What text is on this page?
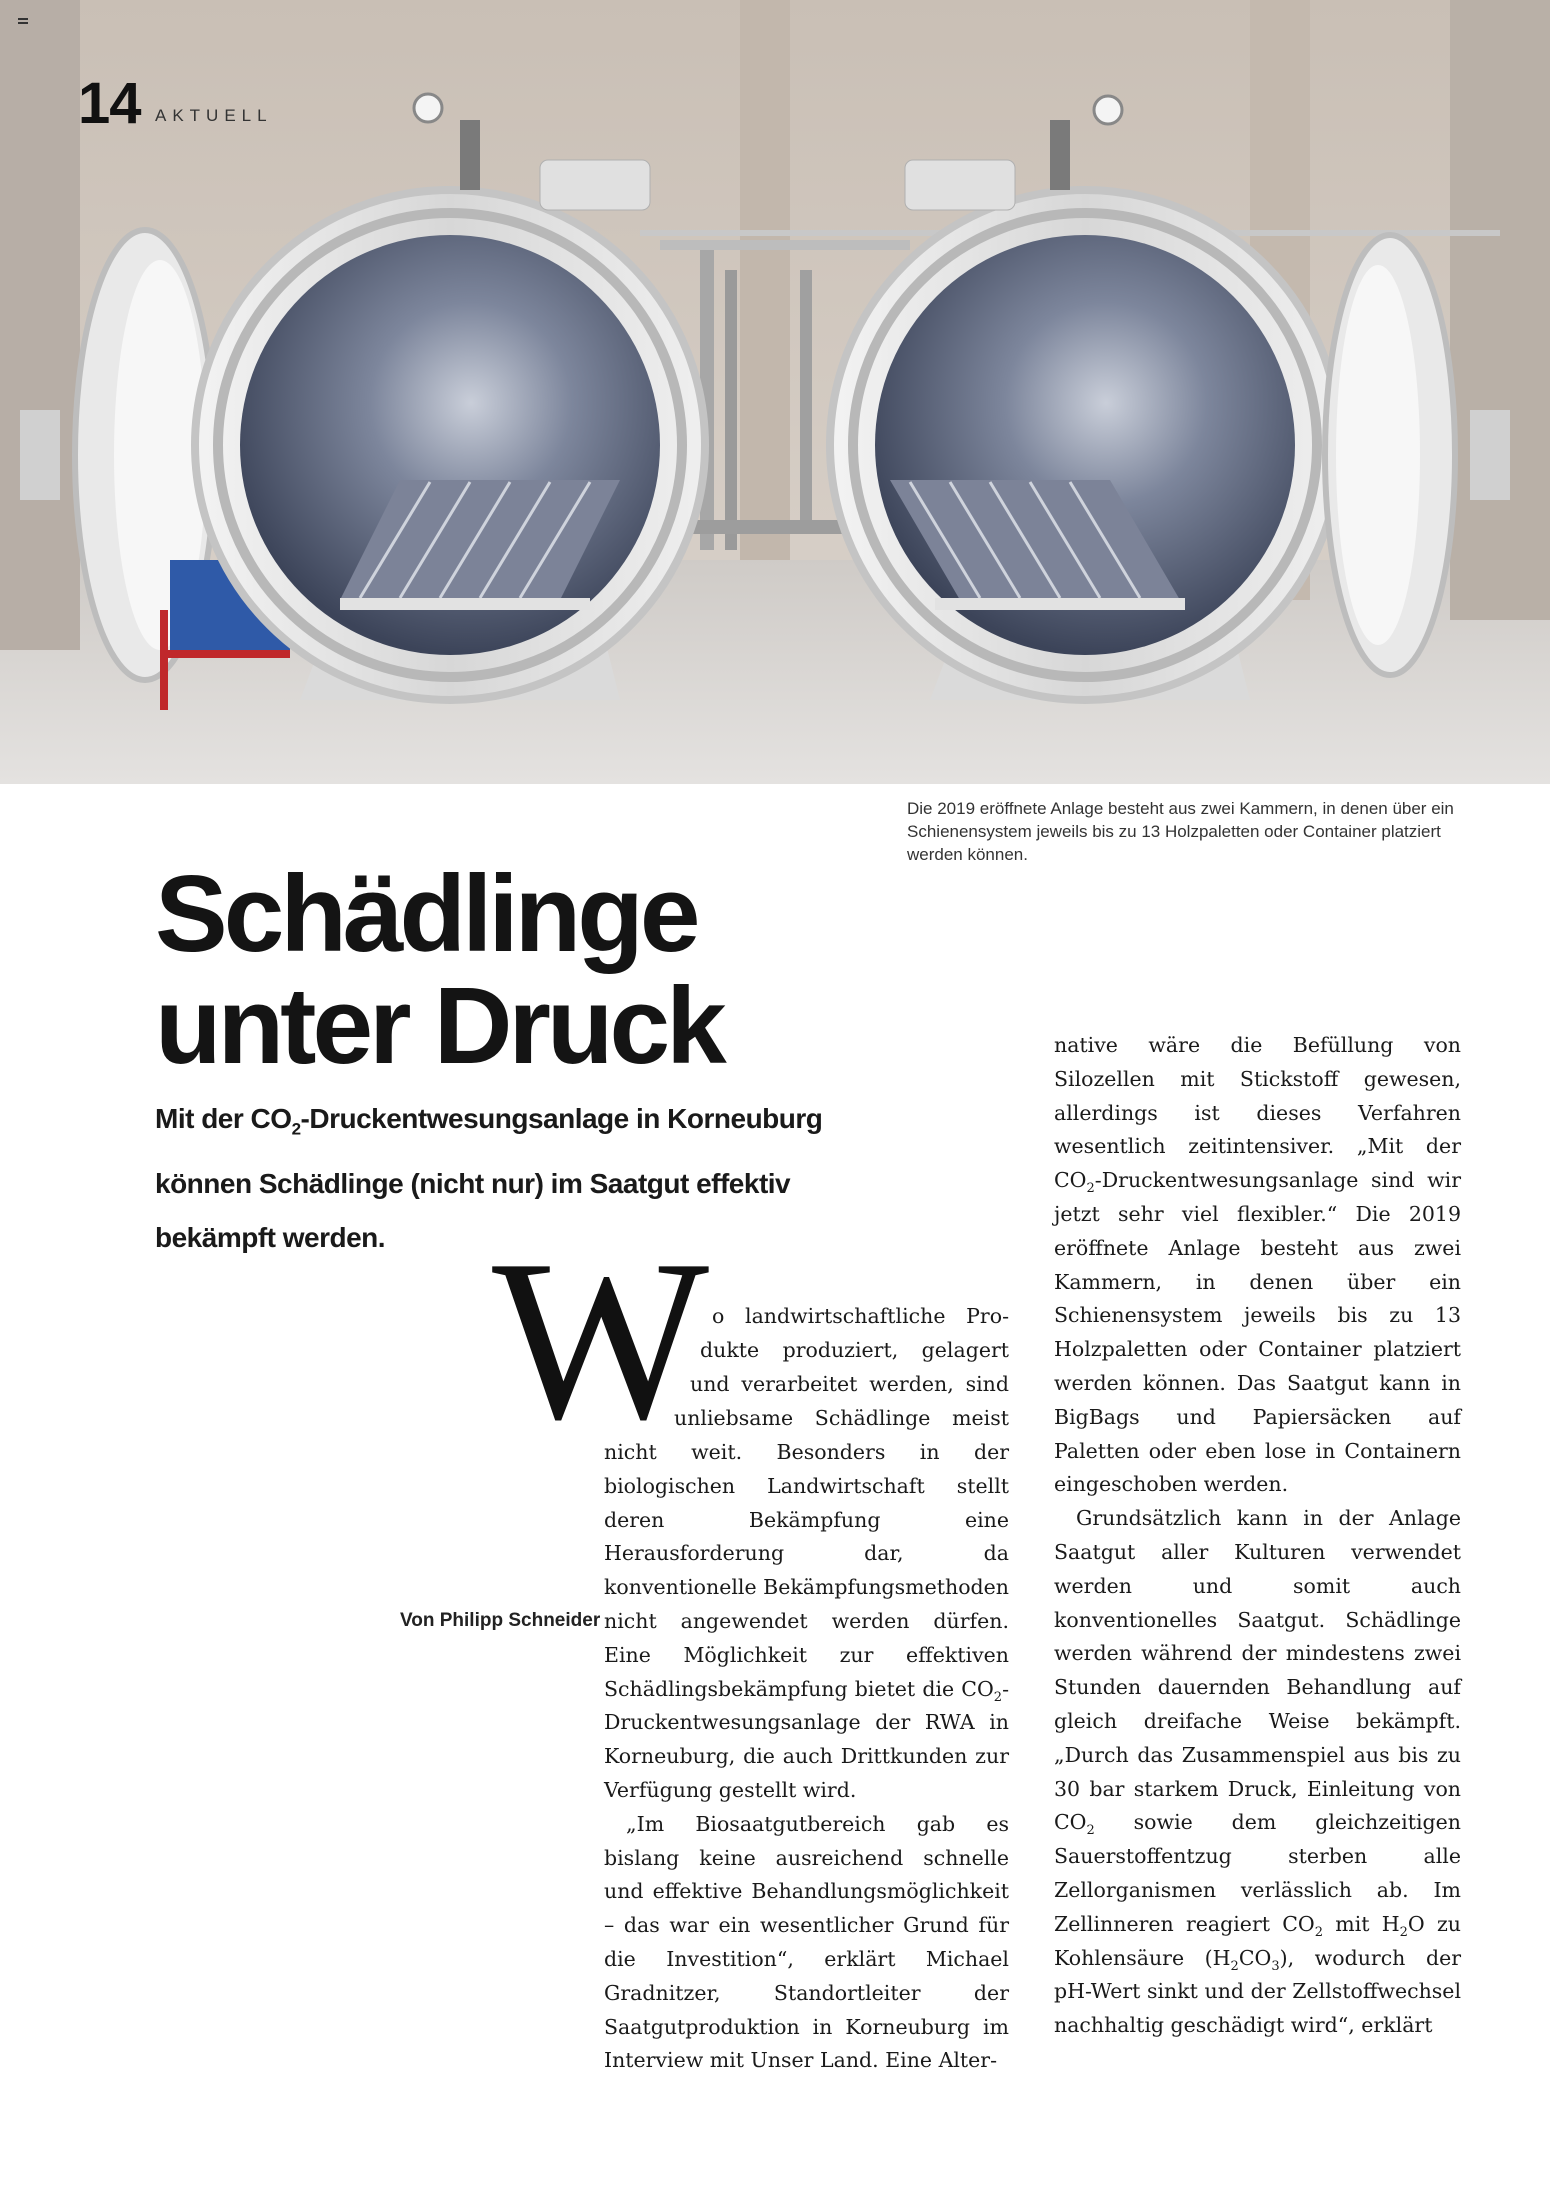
14 AKTUELL
Die 2019 eröffnete Anlage besteht aus zwei Kammern, in denen über ein Schienensystem jeweils bis zu 13 Holzpaletten oder Container platziert werden können.
Schädlinge
unter Druck
Mit der $CO_2$-Druckentwesungsanlage in Korneuburg können Schädlinge (nicht nur) im Saatgut effektiv bekämpft werden.
Von Philipp Schneider
W o landwirtschaftliche Pro-
dukte produziert, gelagert
und verarbeitet werden, sind
unliebsame Schädlinge meist

nicht weit. Besonders in der biologischen Landwirtschaft stellt deren Bekämpfung eine Herausforderung dar, da konventionelle Bekämpfungsmethoden nicht angewendet werden dürfen. Eine Möglichkeit zur effektiven Schädlingsbekämpfung bietet die $CO_2$-Druckentwesungsanlage der RWA in Korneuburg, die auch Drittkunden zur Verfügung gestellt wird.

„Im Biosaatgutbereich gab es bislang keine ausreichend schnelle und effektive Behandlungsmöglichkeit – das war ein wesentlicher Grund für die Investition“, erklärt Michael Gradnitzer, Standortleiter der Saatgutproduktion in Korneuburg im Interview mit Unser Land. Eine Alter-

native wäre die Befüllung von Silozellen mit Stickstoff gewesen, allerdings ist dieses Verfahren wesentlich zeitintensiver. „Mit der $CO_2$-Druckentwesungsanlage sind wir jetzt sehr viel flexibler.“ Die 2019 eröffnete Anlage besteht aus zwei Kammern, in denen über ein Schienensystem jeweils bis zu 13 Holzpaletten oder Container platziert werden können. Das Saatgut kann in BigBags und Papiersäcken auf Paletten oder eben lose in Containern eingeschoben werden.

Grundsätzlich kann in der Anlage Saatgut aller Kulturen verwendet werden und somit auch konventionelles Saatgut. Schädlinge werden während der mindestens zwei Stunden dauernden Behandlung auf gleich dreifache Weise bekämpft. „Durch das Zusammenspiel aus bis zu 30 bar starkem Druck, Einleitung von $CO_2$ sowie dem gleichzeitigen Sauerstoffentzug sterben alle Zellorganismen verlässlich ab. Im Zellinneren reagiert $CO_2$ mit $H_2O$ zu Kohlensäure $(H_2CO_3)$, wodurch der pH-Wert sinkt und der Zellstoffwechsel nachhaltig geschädigt wird“, erklärt
